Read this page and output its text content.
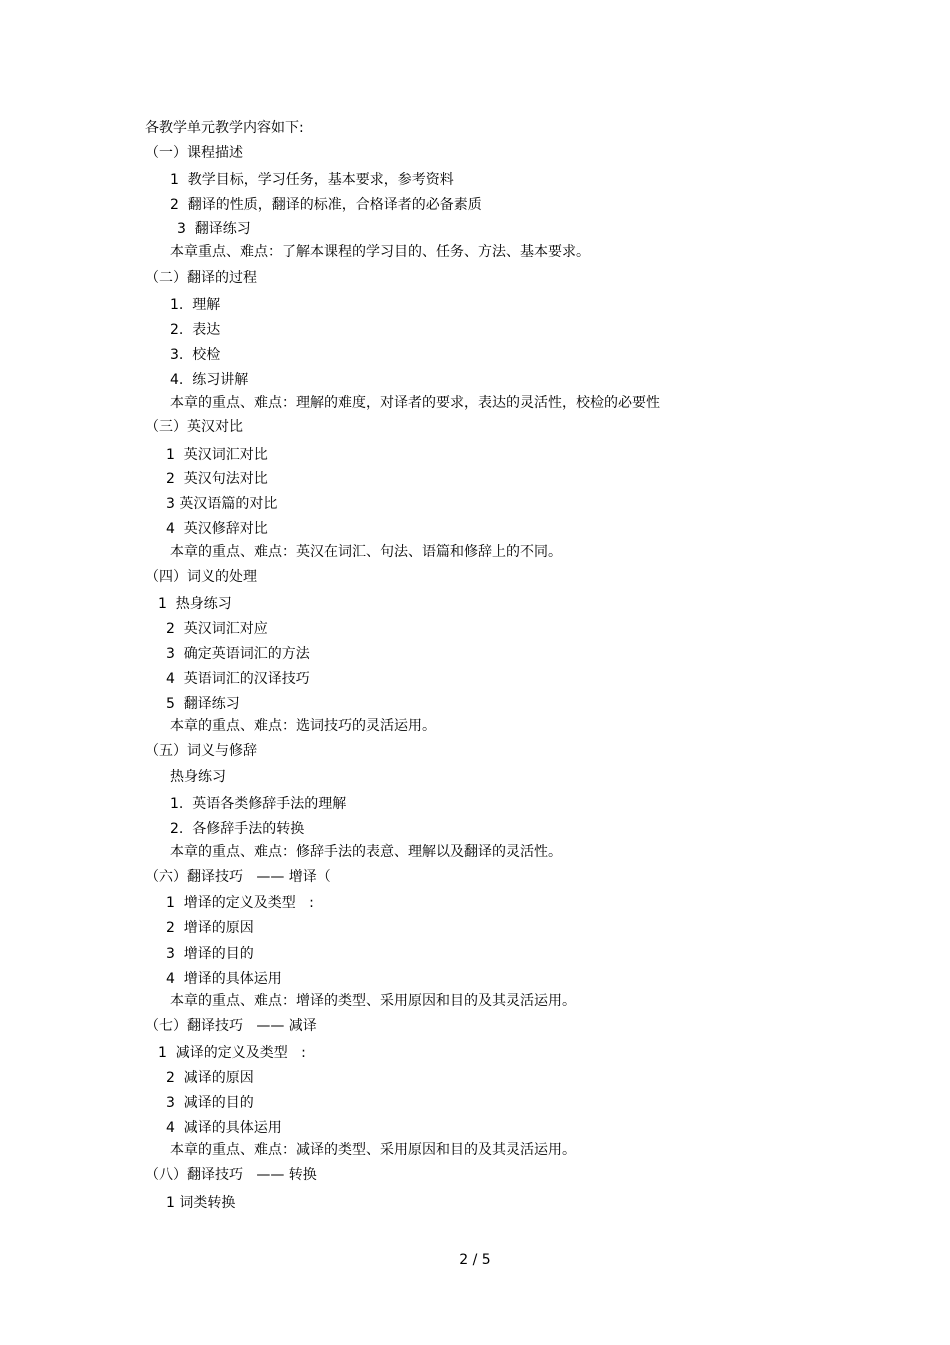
各教学单元教学内容如下:
（一）课程描述
1  教学目标，学习任务，基本要求，参考资料
2  翻译的性质，翻译的标准，合格译者的必备素质
3  翻译练习
本章重点、难点：了解本课程的学习目的、任务、方法、基本要求。
（二）翻译的过程
1.  理解
2.  表达
3.  校检
4.  练习讲解
本章的重点、难点：理解的难度，对译者的要求，表达的灵活性，校检的必要性
（三）英汉对比
1  英汉词汇对比
2  英汉句法对比
3 英汉语篇的对比
4  英汉修辞对比
本章的重点、难点：英汉在词汇、句法、语篇和修辞上的不同。
（四）词义的处理
1  热身练习
2  英汉词汇对应
3  确定英语词汇的方法
4  英语词汇的汉译技巧
5  翻译练习
本章的重点、难点：选词技巧的灵活运用。
（五）词义与修辞
热身练习
1.  英语各类修辞手法的理解
2.  各修辞手法的转换
本章的重点、难点：修辞手法的表意、理解以及翻译的灵活性。
（六）翻译技巧   —— 增译（
1  增译的定义及类型   :
2  增译的原因
3  增译的目的
4  增译的具体运用
本章的重点、难点：增译的类型、采用原因和目的及其灵活运用。
（七）翻译技巧   —— 减译
1  减译的定义及类型   :
2  减译的原因
3  减译的目的
4  减译的具体运用
本章的重点、难点：减译的类型、采用原因和目的及其灵活运用。
（八）翻译技巧   —— 转换
1 词类转换
2 / 5
